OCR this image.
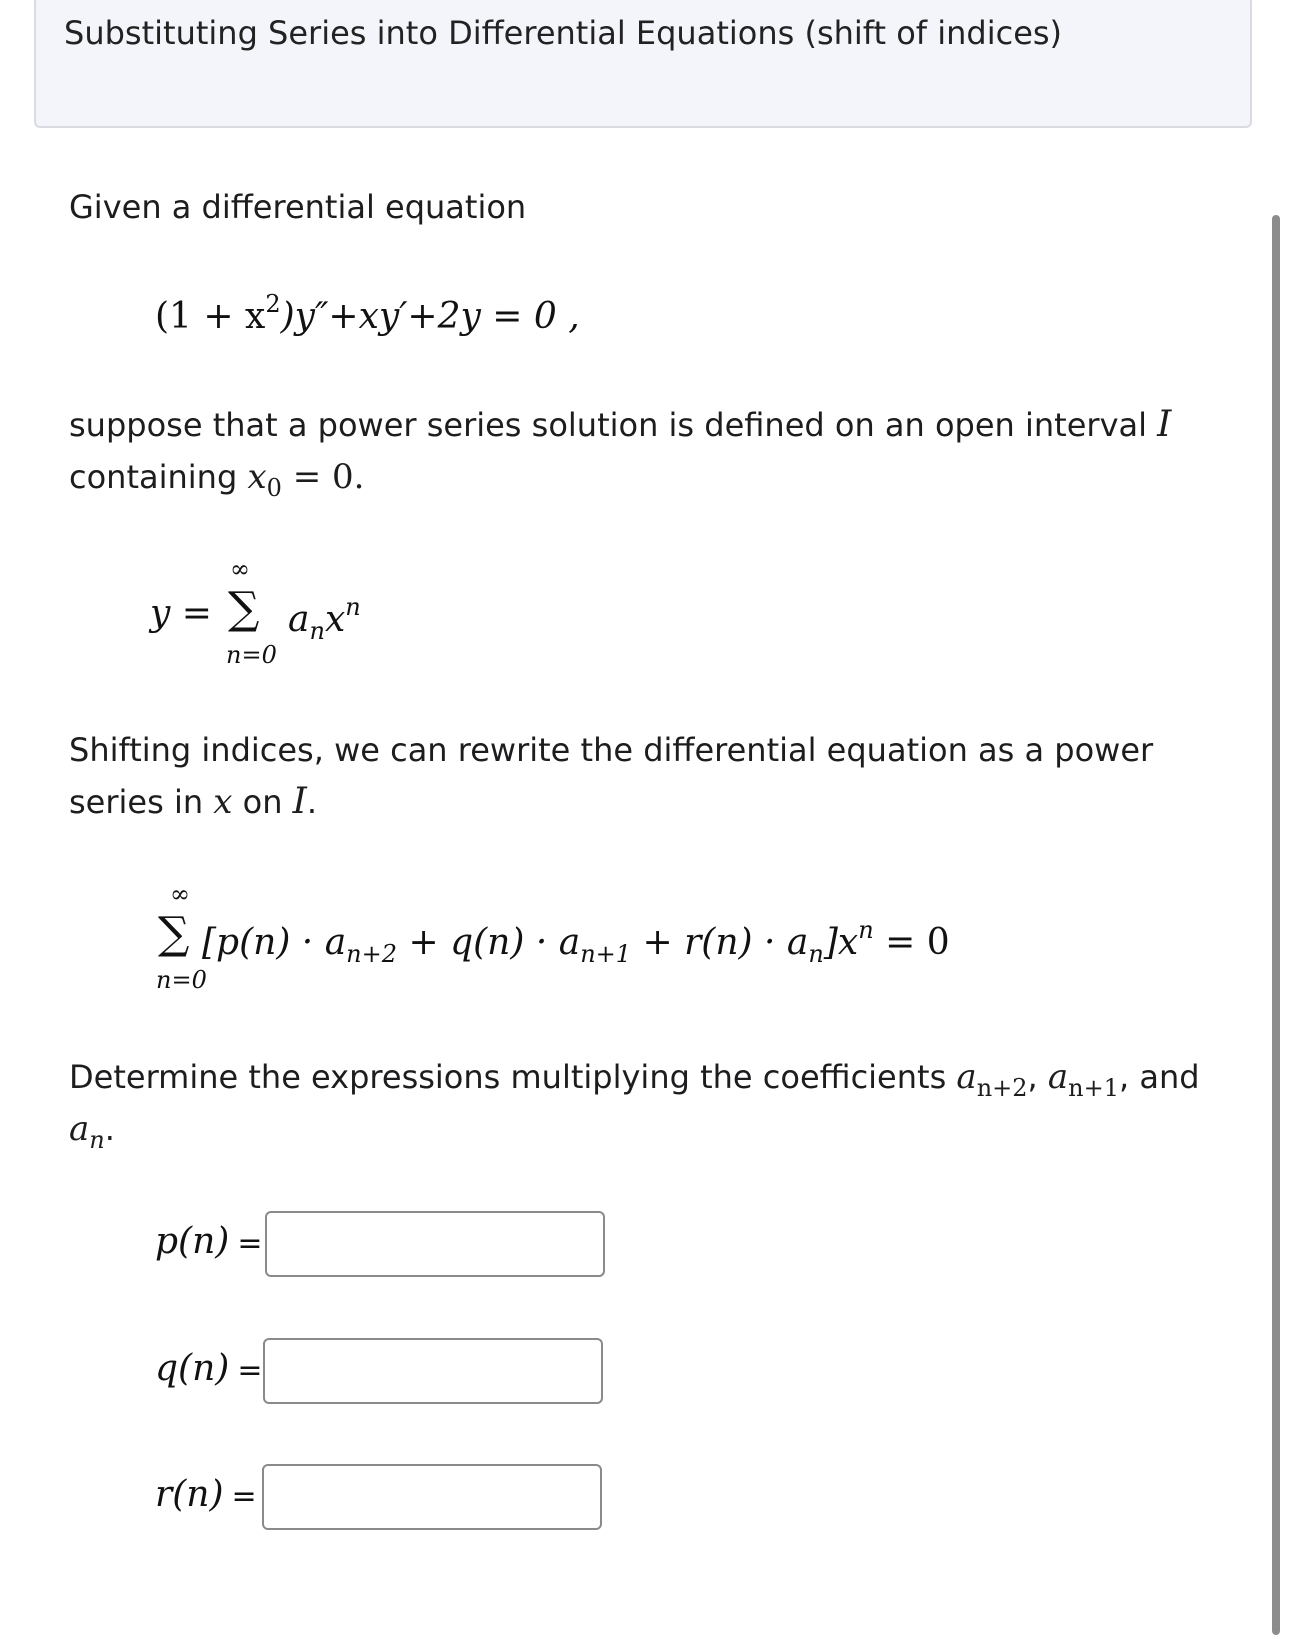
Substituting Series into Differential Equations (shift of indices)
Given a differential equation
$(1 + x^2)y''+xy'+2y = 0$ ,
suppose that a power series solution is defined on an open interval I
containing $x_0 = 0$.
y =
∞
∑
n=0
$a_nx^n$
Shifting indices, we can rewrite the differential equation as a power
series in x on I.
∞
∑
n=0
$[p(n) \cdot a_{n+2} + q(n) \cdot a_{n+1} + r(n) \cdot a_n]x^n = 0$
Determine the expressions multiplying the coefficients $a_{n+2}$, $a_{n+1}$, and
$a_n$.
p(n) =
q(n) =
r(n) =
